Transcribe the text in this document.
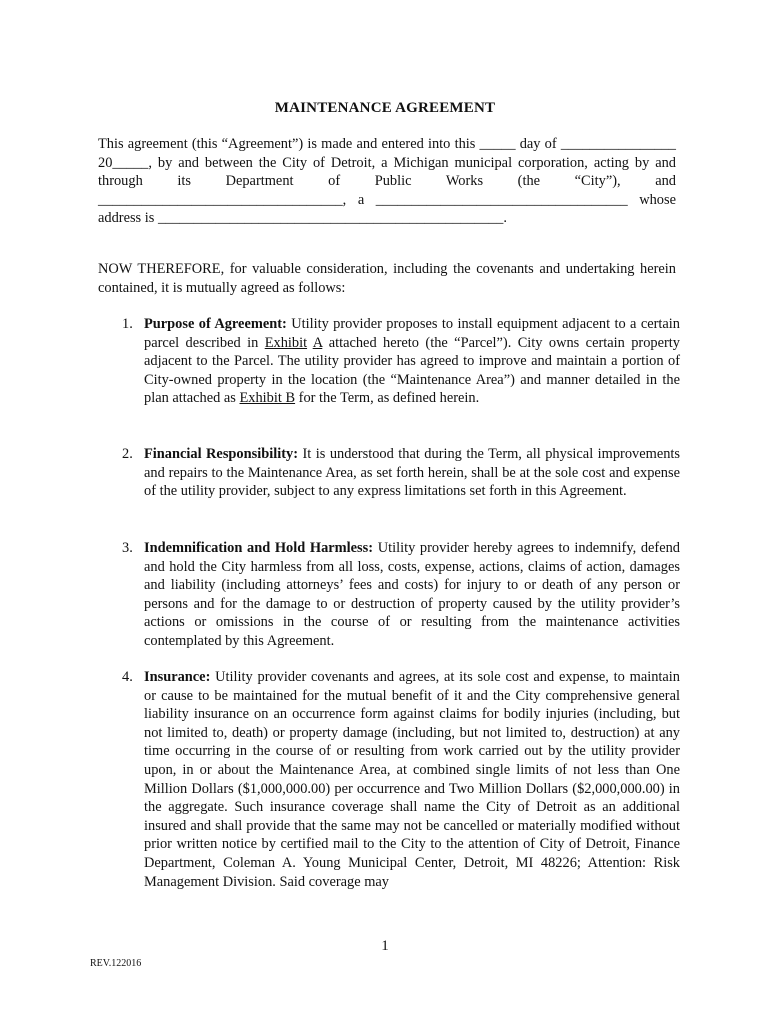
MAINTENANCE AGREEMENT
This agreement (this “Agreement”) is made and entered into this _____ day of ________________ 20_____, by and between the City of Detroit, a Michigan municipal corporation, acting by and through its Department of Public Works (the “City”), and __________________________________, a ___________________________________ whose address is ________________________________________________.
NOW THEREFORE, for valuable consideration, including the covenants and undertaking herein contained, it is mutually agreed as follows:
1. Purpose of Agreement: Utility provider proposes to install equipment adjacent to a certain parcel described in Exhibit A attached hereto (the “Parcel”). City owns certain property adjacent to the Parcel. The utility provider has agreed to improve and maintain a portion of City-owned property in the location (the “Maintenance Area”) and manner detailed in the plan attached as Exhibit B for the Term, as defined herein.
2. Financial Responsibility: It is understood that during the Term, all physical improvements and repairs to the Maintenance Area, as set forth herein, shall be at the sole cost and expense of the utility provider, subject to any express limitations set forth in this Agreement.
3. Indemnification and Hold Harmless: Utility provider hereby agrees to indemnify, defend and hold the City harmless from all loss, costs, expense, actions, claims of action, damages and liability (including attorneys’ fees and costs) for injury to or death of any person or persons and for the damage to or destruction of property caused by the utility provider’s actions or omissions in the course of or resulting from the maintenance activities contemplated by this Agreement.
4. Insurance: Utility provider covenants and agrees, at its sole cost and expense, to maintain or cause to be maintained for the mutual benefit of it and the City comprehensive general liability insurance on an occurrence form against claims for bodily injuries (including, but not limited to, death) or property damage (including, but not limited to, destruction) at any time occurring in the course of or resulting from work carried out by the utility provider upon, in or about the Maintenance Area, at combined single limits of not less than One Million Dollars ($1,000,000.00) per occurrence and Two Million Dollars ($2,000,000.00) in the aggregate. Such insurance coverage shall name the City of Detroit as an additional insured and shall provide that the same may not be cancelled or materially modified without prior written notice by certified mail to the City to the attention of City of Detroit, Finance Department, Coleman A. Young Municipal Center, Detroit, MI 48226; Attention: Risk Management Division. Said coverage may
1
REV.122016
